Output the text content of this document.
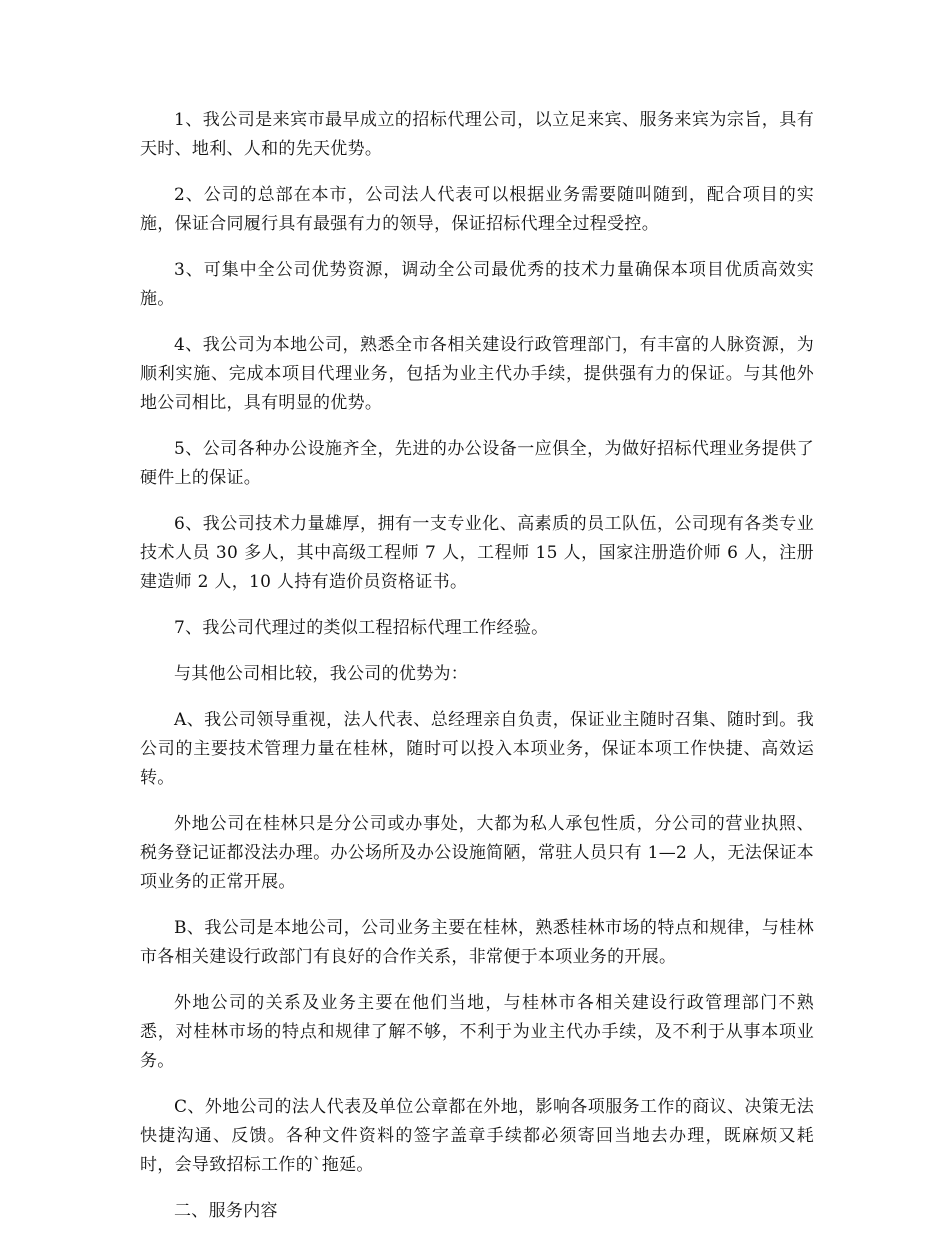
1、我公司是来宾市最早成立的招标代理公司，以立足来宾、服务来宾为宗旨，具有天时、地利、人和的先天优势。

2、公司的总部在本市，公司法人代表可以根据业务需要随叫随到，配合项目的实施，保证合同履行具有最强有力的领导，保证招标代理全过程受控。

3、可集中全公司优势资源，调动全公司最优秀的技术力量确保本项目优质高效实施。

4、我公司为本地公司，熟悉全市各相关建设行政管理部门，有丰富的人脉资源，为顺利实施、完成本项目代理业务，包括为业主代办手续，提供强有力的保证。与其他外地公司相比，具有明显的优势。

5、公司各种办公设施齐全，先进的办公设备一应俱全，为做好招标代理业务提供了硬件上的保证。

6、我公司技术力量雄厚，拥有一支专业化、高素质的员工队伍，公司现有各类专业技术人员 30 多人，其中高级工程师 7 人，工程师 15 人，国家注册造价师 6 人，注册建造师 2 人，10 人持有造价员资格证书。

7、我公司代理过的类似工程招标代理工作经验。

与其他公司相比较，我公司的优势为：

A、我公司领导重视，法人代表、总经理亲自负责，保证业主随时召集、随时到。我公司的主要技术管理力量在桂林，随时可以投入本项业务，保证本项工作快捷、高效运转。

外地公司在桂林只是分公司或办事处，大都为私人承包性质，分公司的营业执照、税务登记证都没法办理。办公场所及办公设施简陋，常驻人员只有 1—2 人，无法保证本项业务的正常开展。

B、我公司是本地公司，公司业务主要在桂林，熟悉桂林市场的特点和规律，与桂林市各相关建设行政部门有良好的合作关系，非常便于本项业务的开展。

外地公司的关系及业务主要在他们当地，与桂林市各相关建设行政管理部门不熟悉，对桂林市场的特点和规律了解不够，不利于为业主代办手续，及不利于从事本项业务。

C、外地公司的法人代表及单位公章都在外地，影响各项服务工作的商议、决策无法快捷沟通、反馈。各种文件资料的签字盖章手续都必须寄回当地去办理，既麻烦又耗时，会导致招标工作的`拖延。

二、服务内容
